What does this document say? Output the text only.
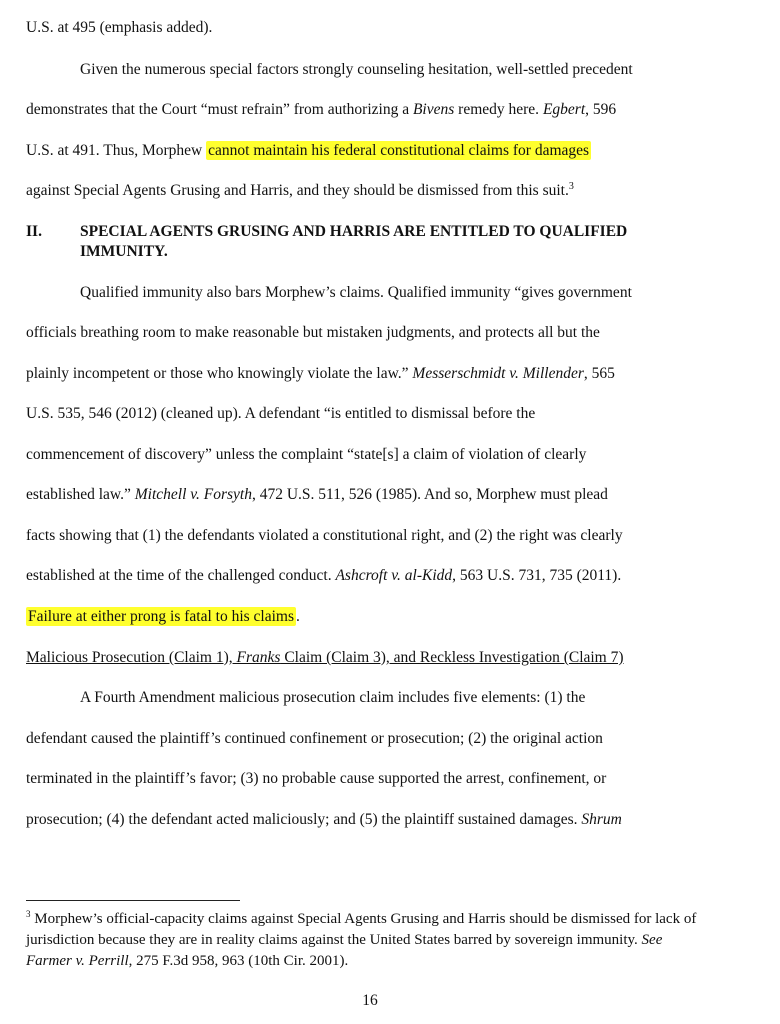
U.S. at 495 (emphasis added).
Given the numerous special factors strongly counseling hesitation, well-settled precedent
demonstrates that the Court “must refrain” from authorizing a Bivens remedy here. Egbert, 596
U.S. at 491. Thus, Morphew cannot maintain his federal constitutional claims for damages
against Special Agents Grusing and Harris, and they should be dismissed from this suit.$^3$
II. SPECIAL AGENTS GRUSING AND HARRIS ARE ENTITLED TO QUALIFIED
IMMUNITY.
Qualified immunity also bars Morphew’s claims. Qualified immunity “gives government
officials breathing room to make reasonable but mistaken judgments, and protects all but the
plainly incompetent or those who knowingly violate the law.” Messerschmidt v. Millender, 565
U.S. 535, 546 (2012) (cleaned up). A defendant “is entitled to dismissal before the
commencement of discovery” unless the complaint “state[s] a claim of violation of clearly
established law.” Mitchell v. Forsyth, 472 U.S. 511, 526 (1985). And so, Morphew must plead
facts showing that (1) the defendants violated a constitutional right, and (2) the right was clearly
established at the time of the challenged conduct. Ashcroft v. al-Kidd, 563 U.S. 731, 735 (2011).
Failure at either prong is fatal to his claims .
Malicious Prosecution (Claim 1), Franks Claim (Claim 3), and Reckless Investigation (Claim 7)
A Fourth Amendment malicious prosecution claim includes five elements: (1) the
defendant caused the plaintiff’s continued confinement or prosecution; (2) the original action
terminated in the plaintiff’s favor; (3) no probable cause supported the arrest, confinement, or
prosecution; (4) the defendant acted maliciously; and (5) the plaintiff sustained damages. Shrum
$^3$ Morphew’s official-capacity claims against Special Agents Grusing and Harris should be dismissed for lack of jurisdiction because they are in reality claims against the United States barred by sovereign immunity. See Farmer v. Perrill, 275 F.3d 958, 963 (10th Cir. 2001).
16
